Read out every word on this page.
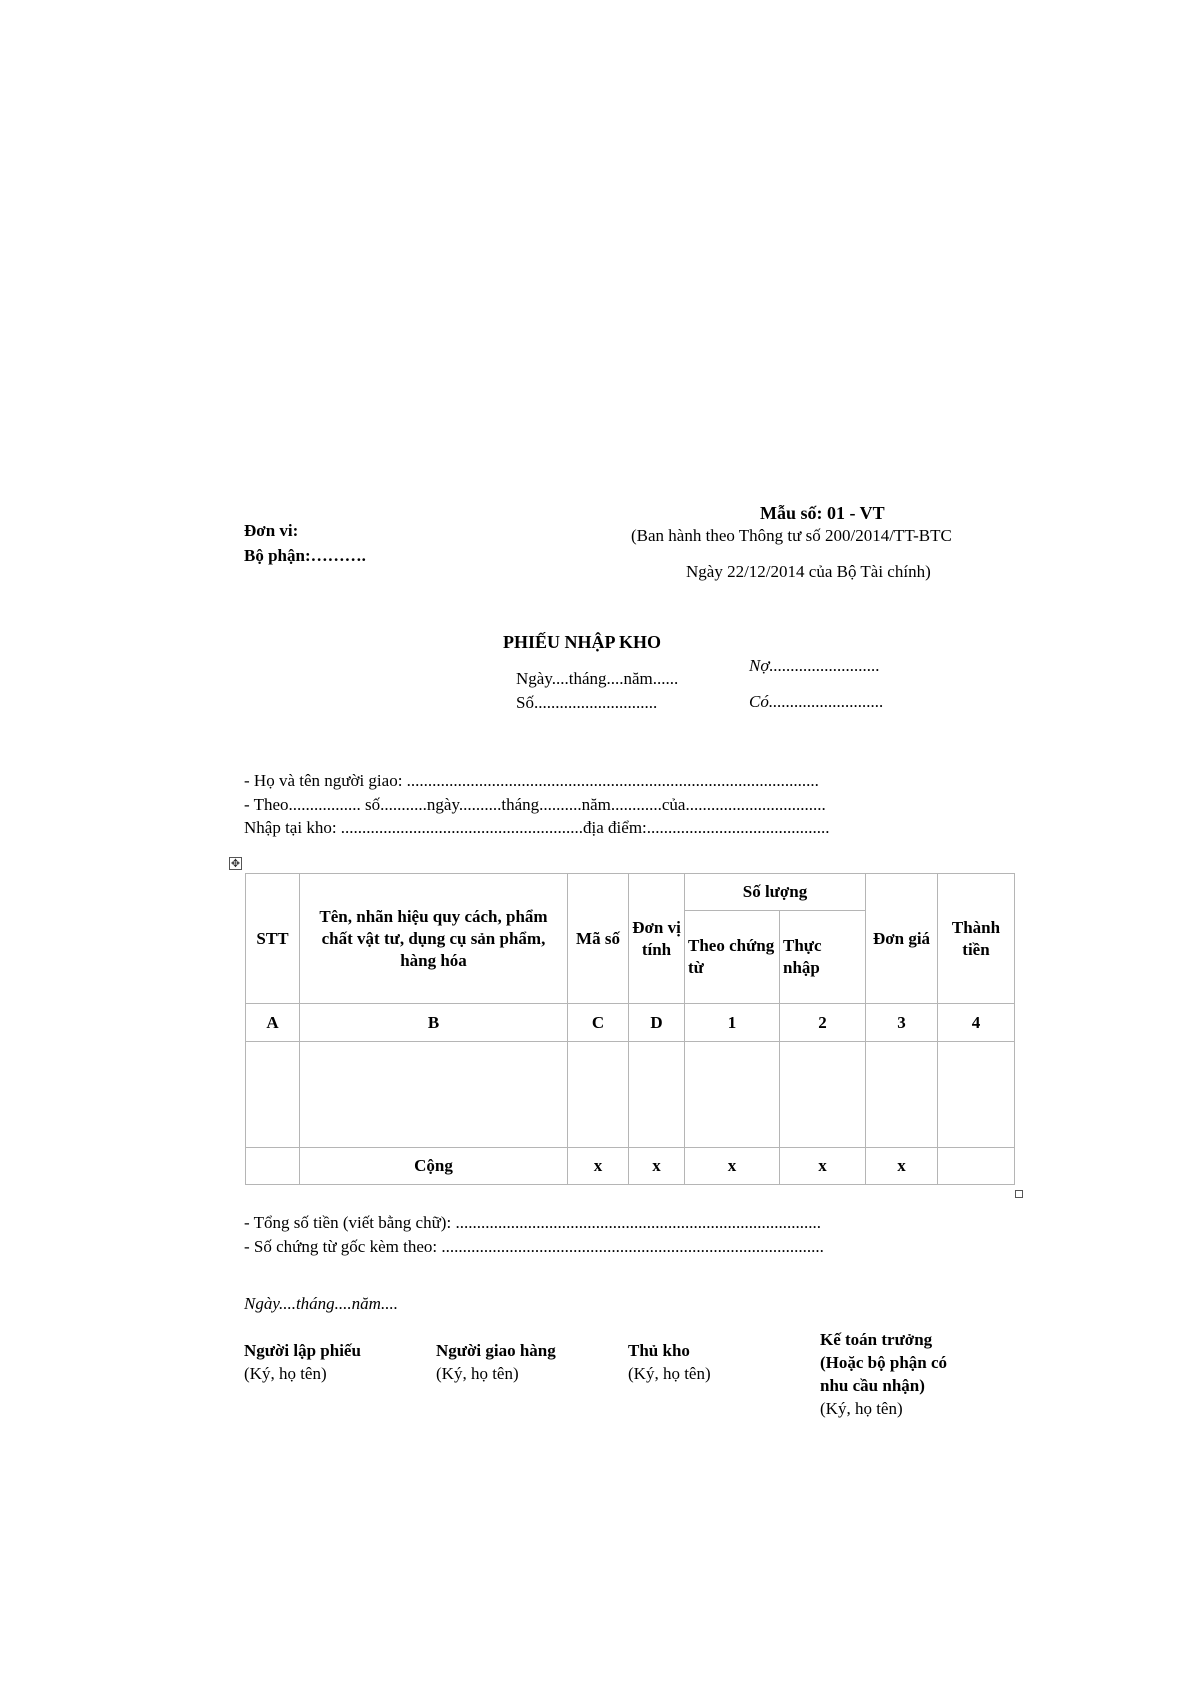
Mẫu số: 01 - VT
(Ban hành theo Thông tư số 200/2014/TT-BTC
Ngày 22/12/2014 của Bộ Tài chính)
Đơn vi:
Bộ phận:……….
PHIẾU NHẬP KHO
Ngày....tháng....năm......
Số.............................
Nợ..........................
Có...........................
- Họ và tên người giao: .................................................................................................
- Theo................. số...........ngày..........tháng..........năm............của.................................
Nhập tại kho: .........................................................địa điểm:...........................................
✥
STT	Tên, nhãn hiệu quy cách, phẩm chất vật tư, dụng cụ sản phẩm, hàng hóa	Mã số	Đơn vị tính	Số lượng		Đơn giá	Thành tiền
				Theo chứng từ	Thực nhập		
A	B	C	D	1	2	3	4

	Cộng	x	x	x	x	x	
- Tổng số tiền (viết bằng chữ): ......................................................................................
- Số chứng từ gốc kèm theo: ..........................................................................................
Ngày....tháng....năm....
Người lập phiếu
(Ký, họ tên)
Người giao hàng
(Ký, họ tên)
Thủ kho
(Ký, họ tên)
Kế toán trưởng
(Hoặc bộ phận có
nhu cầu nhận)
(Ký, họ tên)
